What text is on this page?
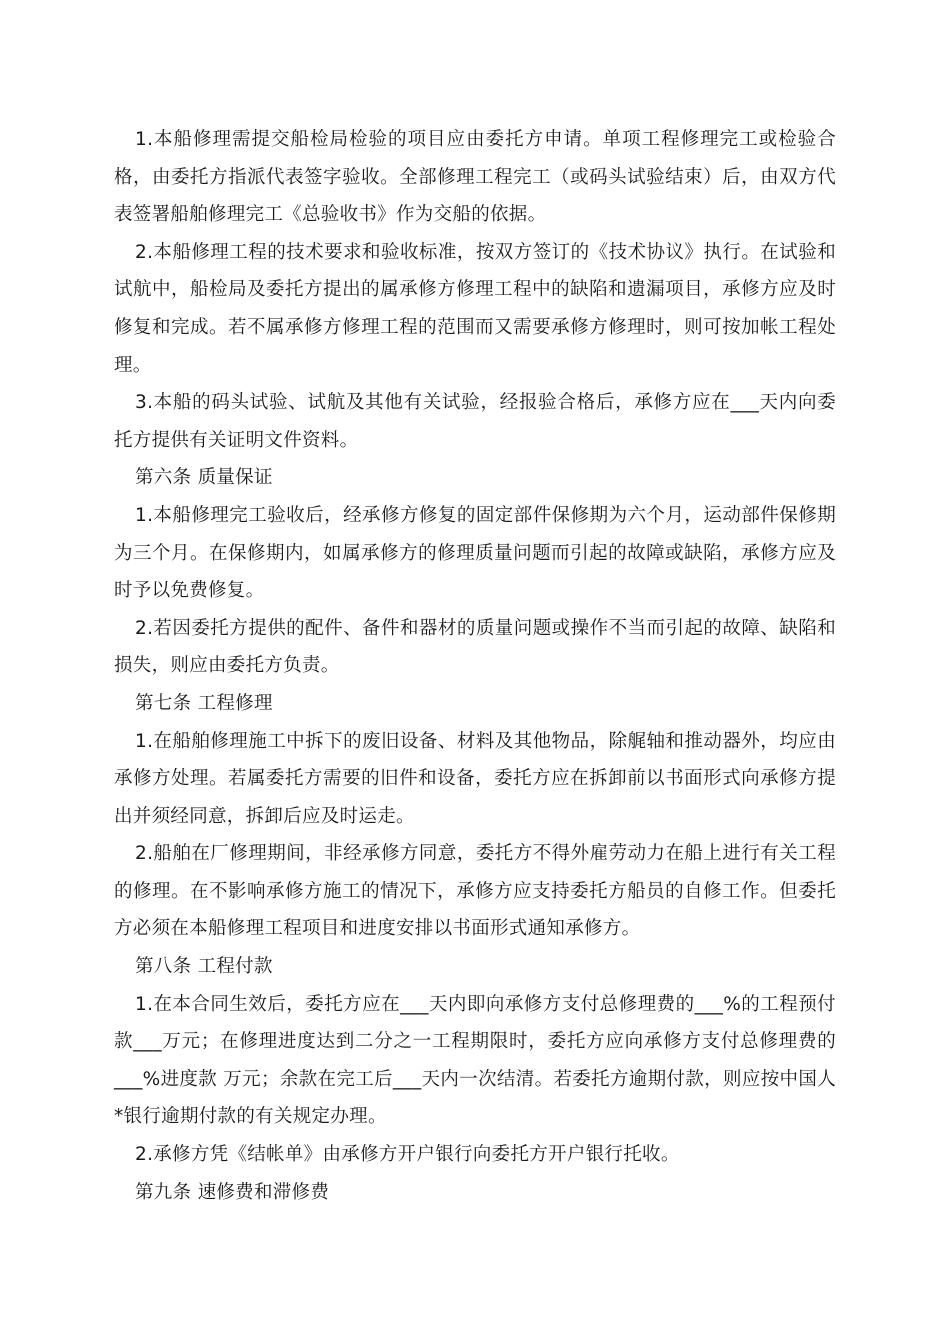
1.本船修理需提交船检局检验的项目应由委托方申请。单项工程修理完工或检验合格，由委托方指派代表签字验收。全部修理工程完工（或码头试验结束）后，由双方代表签署船舶修理完工《总验收书》作为交船的依据。

2.本船修理工程的技术要求和验收标准，按双方签订的《技术协议》执行。在试验和试航中，船检局及委托方提出的属承修方修理工程中的缺陷和遗漏项目，承修方应及时修复和完成。若不属承修方修理工程的范围而又需要承修方修理时，则可按加帐工程处理。

3.本船的码头试验、试航及其他有关试验，经报验合格后，承修方应在___天内向委托方提供有关证明文件资料。

第六条 质量保证

1.本船修理完工验收后，经承修方修复的固定部件保修期为六个月，运动部件保修期为三个月。在保修期内，如属承修方的修理质量问题而引起的故障或缺陷，承修方应及时予以免费修复。

2.若因委托方提供的配件、备件和器材的质量问题或操作不当而引起的故障、缺陷和损失，则应由委托方负责。

第七条 工程修理

1.在船舶修理施工中拆下的废旧设备、材料及其他物品，除艉轴和推动器外，均应由承修方处理。若属委托方需要的旧件和设备，委托方应在拆卸前以书面形式向承修方提出并须经同意，拆卸后应及时运走。

2.船舶在厂修理期间，非经承修方同意，委托方不得外雇劳动力在船上进行有关工程的修理。在不影响承修方施工的情况下，承修方应支持委托方船员的自修工作。但委托方必须在本船修理工程项目和进度安排以书面形式通知承修方。

第八条 工程付款

1.在本合同生效后，委托方应在___天内即向承修方支付总修理费的___%的工程预付款___万元；在修理进度达到二分之一工程期限时，委托方应向承修方支付总修理费的___%进度款 万元；余款在完工后___天内一次结清。若委托方逾期付款，则应按中国人*银行逾期付款的有关规定办理。

2.承修方凭《结帐单》由承修方开户银行向委托方开户银行托收。

第九条 速修费和滞修费
